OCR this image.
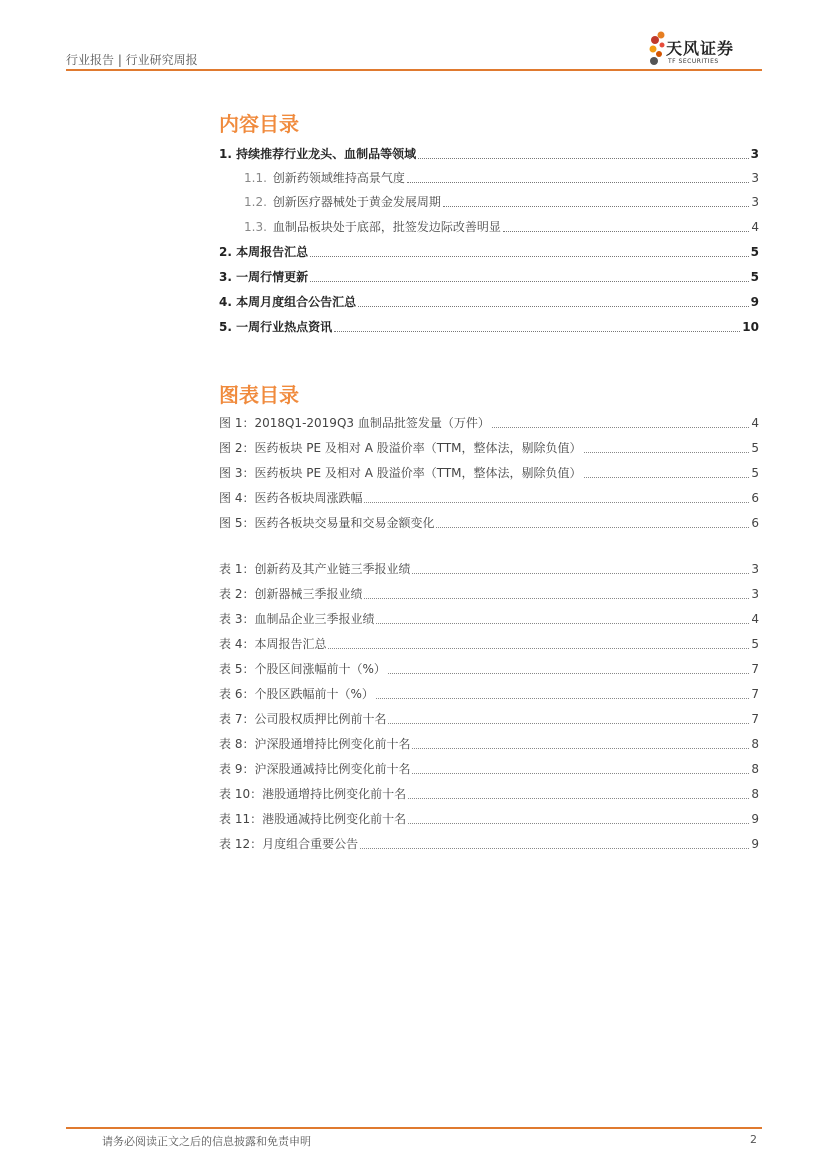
行业报告 | 行业研究周报
天风证券
TF SECURITIES
内容目录
1. 持续推荐行业龙头、血制品等领域	3
1.1. 创新药领域维持高景气度	3
1.2. 创新医疗器械处于黄金发展周期	3
1.3. 血制品板块处于底部，批签发边际改善明显	4
2. 本周报告汇总	5
3. 一周行情更新	5
4. 本周月度组合公告汇总	9
5. 一周行业热点资讯	10
图表目录
图 1：2018Q1-2019Q3 血制品批签发量（万件）	4
图 2：医药板块 PE 及相对 A 股溢价率（TTM，整体法，剔除负值）	5
图 3：医药板块 PE 及相对 A 股溢价率（TTM，整体法，剔除负值）	5
图 4：医药各板块周涨跌幅	6
图 5：医药各板块交易量和交易金额变化	6
表 1：创新药及其产业链三季报业绩	3
表 2：创新器械三季报业绩	3
表 3：血制品企业三季报业绩	4
表 4：本周报告汇总	5
表 5：个股区间涨幅前十（%）	7
表 6：个股区跌幅前十（%）	7
表 7：公司股权质押比例前十名	7
表 8：沪深股通增持比例变化前十名	8
表 9：沪深股通减持比例变化前十名	8
表 10：港股通增持比例变化前十名	8
表 11：港股通减持比例变化前十名	9
表 12：月度组合重要公告	9
请务必阅读正文之后的信息披露和免责申明	2
